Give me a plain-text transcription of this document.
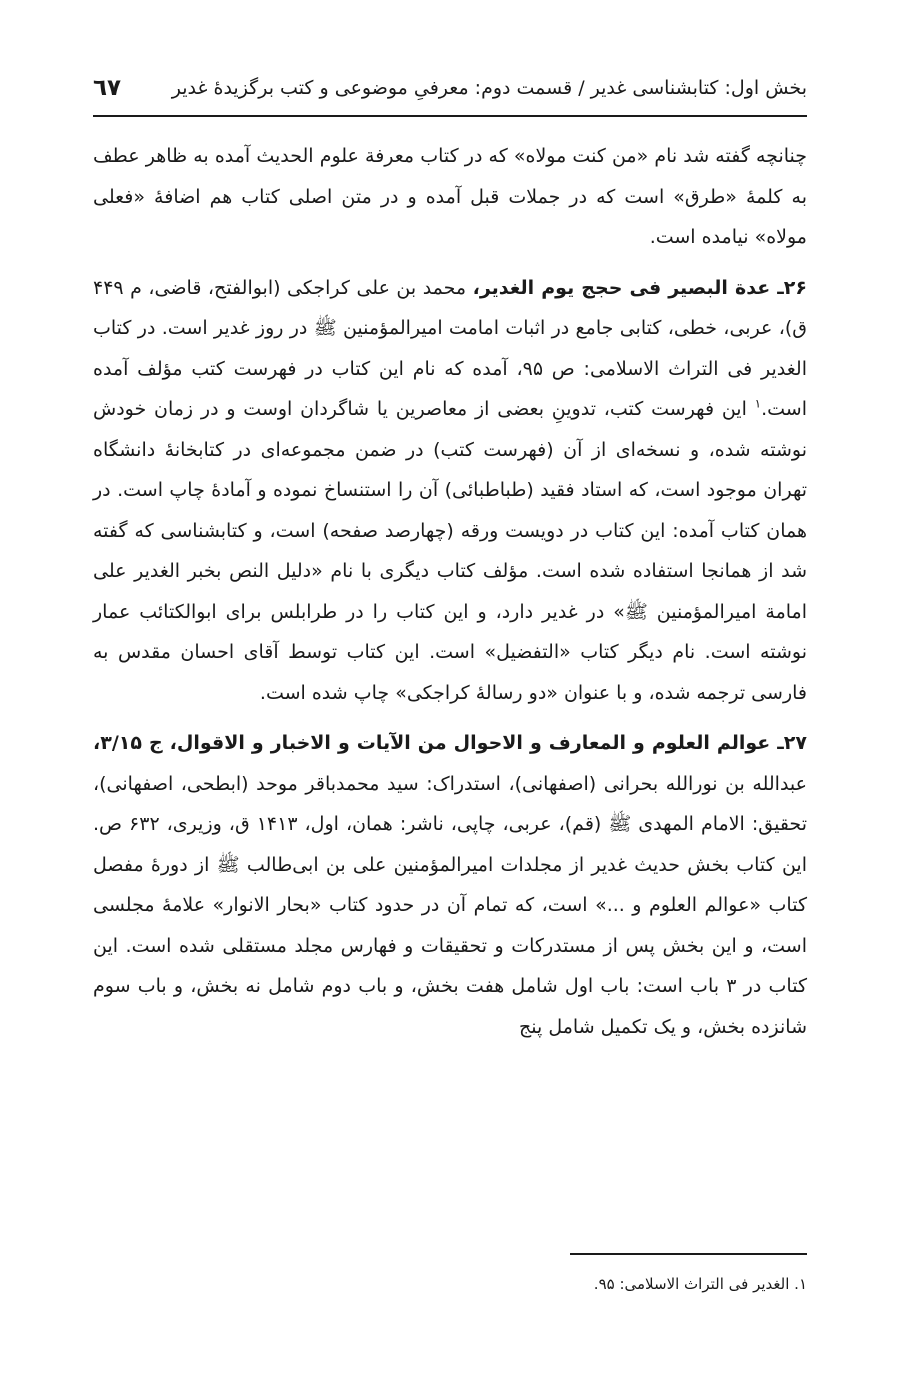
بخش اول: کتابشناسی غدیر / قسمت دوم: معرفیِ موضوعی و کتب برگزیدهٔ غدیر
٦٧

چنانچه گفته شد نام «من کنت مولاه» که در کتاب معرفة علوم الحدیث آمده به ظاهر عطف به کلمهٔ «طرق» است که در جملات قبل آمده و در متن اصلی کتاب هم اضافهٔ «فعلی مولاه» نیامده است.

۲۶ـ عدة البصیر فی حجج یوم الغدیر، محمد بن علی کراجکی (ابوالفتح، قاضی، م ۴۴۹ ق)، عربی، خطی، کتابی جامع در اثبات امامت امیرالمؤمنین ﷺ در روز غدیر است. در کتاب الغدیر فی التراث الاسلامی: ص ۹۵، آمده که نام این کتاب در فهرست کتب مؤلف آمده است.$^۱$ این فهرست کتب، تدوینِ بعضی از معاصرین یا شاگردان اوست و در زمان خودش نوشته شده، و نسخه‌ای از آن (فهرست کتب) در ضمن مجموعه‌ای در کتابخانهٔ دانشگاه تهران موجود است، که استاد فقید (طباطبائی) آن را استنساخ نموده و آمادهٔ چاپ است. در همان کتاب آمده: این کتاب در دویست ورقه (چهارصد صفحه) است، و کتابشناسی که گفته شد از همانجا استفاده شده است. مؤلف کتاب دیگری با نام «دلیل النص بخبر الغدیر علی امامة امیرالمؤمنین ﷺ» در غدیر دارد، و این کتاب را در طرابلس برای ابوالکتائب عمار نوشته است. نام دیگر کتاب «التفضیل» است. این کتاب توسط آقای احسان مقدس به فارسی ترجمه شده، و با عنوان «دو رسالهٔ کراجکی» چاپ شده است.

۲۷ـ عوالم العلوم و المعارف و الاحوال من الآیات و الاخبار و الاقوال، ج ۳/۱۵، عبدالله بن نورالله بحرانی (اصفهانی)، استدراک: سید محمدباقر موحد (ابطحی، اصفهانی)، تحقیق: الامام المهدی ﷺ (قم)، عربی، چاپی، ناشر: همان، اول، ۱۴۱۳ ق، وزیری، ۶۳۲ ص. این کتاب بخش حدیث غدیر از مجلدات امیرالمؤمنین علی بن ابی‌طالب ﷺ از دورهٔ مفصل کتاب «عوالم العلوم و ...» است، که تمام آن در حدود کتاب «بحار الانوار» علامهٔ مجلسی است، و این بخش پس از مستدرکات و تحقیقات و فهارس مجلد مستقلی شده است. این کتاب در ۳ باب است: باب اول شامل هفت بخش، و باب دوم شامل نه بخش، و باب سوم شانزده بخش، و یک تکمیل شامل پنج

۱. الغدیر فی التراث الاسلامی: ۹۵.
